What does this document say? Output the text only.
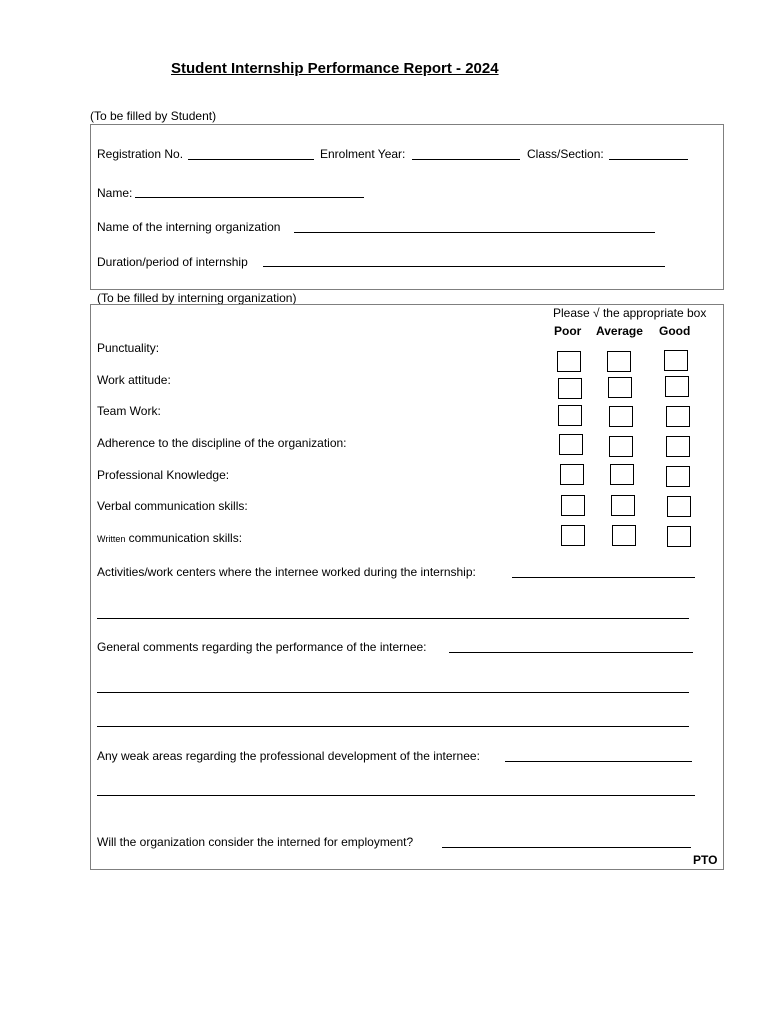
Student Internship Performance Report - 2024
(To be filled by Student)
Registration No.	Enrolment Year:	Class/Section:
Name:
Name of the interning organization
Duration/period of internship
(To be filled by interning organization)
Please √ the appropriate box
Poor Average Good
Punctuality:
Work attitude:
Team Work:
Adherence to the discipline of the organization:
Professional Knowledge:
Verbal communication skills:
Written communication skills:
Activities/work centers where the internee worked during the internship:
General comments regarding the performance of the internee:
Any weak areas regarding the professional development of the internee:
Will the organization consider the interned for employment?
PTO
